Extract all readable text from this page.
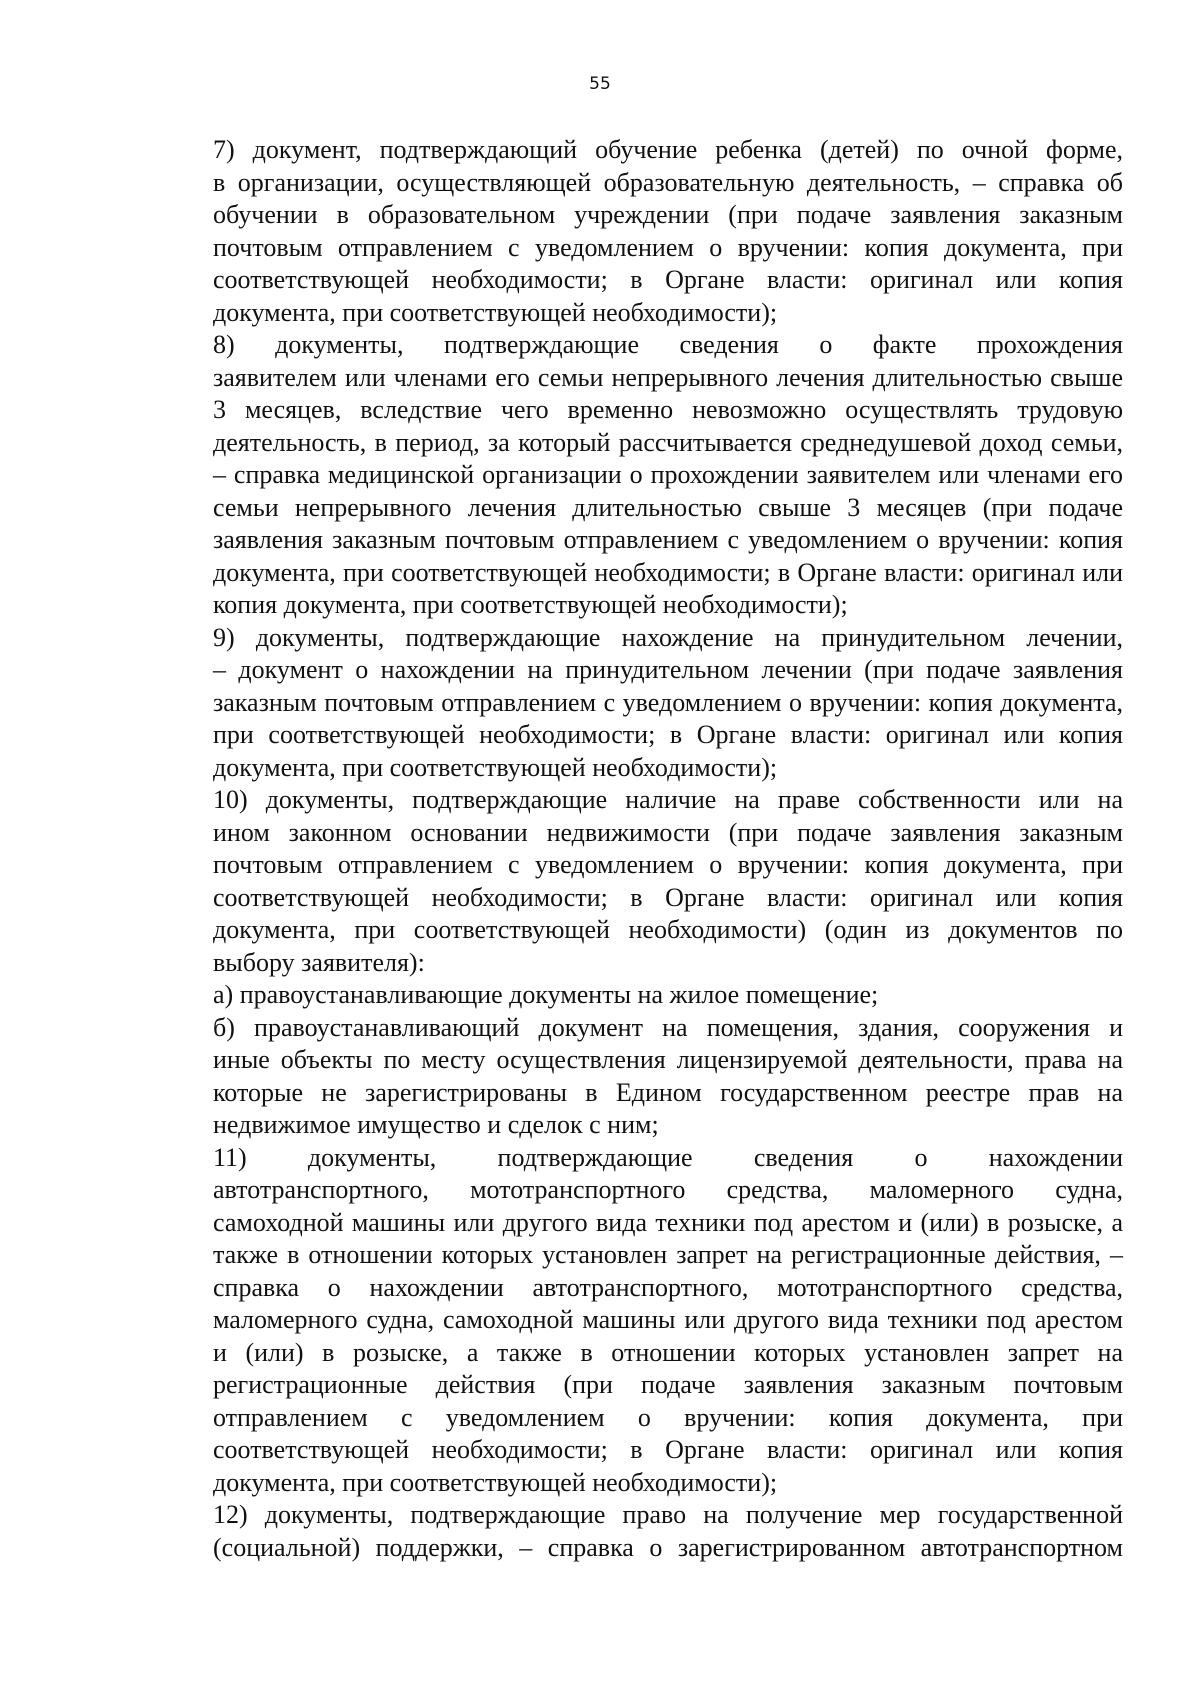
55

7) документ, подтверждающий обучение ребенка (детей) по очной форме,
в организации, осуществляющей образовательную деятельность, – справка об
обучении в образовательном учреждении (при подаче заявления заказным
почтовым отправлением с уведомлением о вручении: копия документа, при
соответствующей необходимости; в Органе власти: оригинал или копия
документа, при соответствующей необходимости);

8) документы, подтверждающие сведения о факте прохождения
заявителем или членами его семьи непрерывного лечения длительностью свыше
3 месяцев, вследствие чего временно невозможно осуществлять трудовую
деятельность, в период, за который рассчитывается среднедушевой доход семьи,
– справка медицинской организации о прохождении заявителем или членами его
семьи непрерывного лечения длительностью свыше 3 месяцев (при подаче
заявления заказным почтовым отправлением с уведомлением о вручении: копия
документа, при соответствующей необходимости; в Органе власти: оригинал или
копия документа, при соответствующей необходимости);

9) документы, подтверждающие нахождение на принудительном лечении,
– документ о нахождении на принудительном лечении (при подаче заявления
заказным почтовым отправлением с уведомлением о вручении: копия документа,
при соответствующей необходимости; в Органе власти: оригинал или копия
документа, при соответствующей необходимости);

10) документы, подтверждающие наличие на праве собственности или на
ином законном основании недвижимости (при подаче заявления заказным
почтовым отправлением с уведомлением о вручении: копия документа, при
соответствующей необходимости; в Органе власти: оригинал или копия
документа, при соответствующей необходимости) (один из документов по
выбору заявителя):

а) правоустанавливающие документы на жилое помещение;

б) правоустанавливающий документ на помещения, здания, сооружения и
иные объекты по месту осуществления лицензируемой деятельности, права на
которые не зарегистрированы в Едином государственном реестре прав на
недвижимое имущество и сделок с ним;

11) документы, подтверждающие сведения о нахождении
автотранспортного, мототранспортного средства, маломерного судна,
самоходной машины или другого вида техники под арестом и (или) в розыске, а
также в отношении которых установлен запрет на регистрационные действия, –
справка о нахождении автотранспортного, мототранспортного средства,
маломерного судна, самоходной машины или другого вида техники под арестом
и (или) в розыске, а также в отношении которых установлен запрет на
регистрационные действия (при подаче заявления заказным почтовым
отправлением с уведомлением о вручении: копия документа, при
соответствующей необходимости; в Органе власти: оригинал или копия
документа, при соответствующей необходимости);

12) документы, подтверждающие право на получение мер государственной
(социальной) поддержки, – справка о зарегистрированном автотранспортном
